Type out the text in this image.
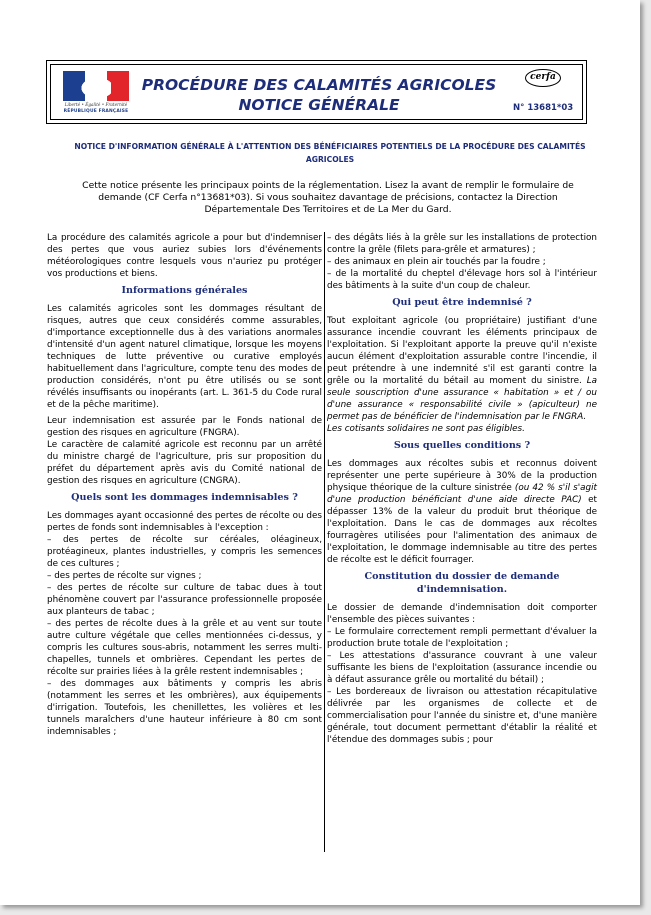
Liberté • Égalité • Fraternité
RÉPUBLIQUE FRANÇAISE
PROCÉDURE DES CALAMITÉS AGRICOLES
NOTICE GÉNÉRALE
cerfa
N° 13681*03
NOTICE D'INFORMATION GÉNÉRALE À L'ATTENTION DES BÉNÉFICIAIRES POTENTIELS DE LA PROCÉDURE DES CALAMITÉS AGRICOLES
Cette notice présente les principaux points de la réglementation. Lisez la avant de remplir le formulaire de demande (CF Cerfa n°13681*03). Si vous souhaitez davantage de précisions, contactez la Direction Départementale Des Territoires et de La Mer du Gard.

La procédure des calamités agricole a pour but d'indemniser des pertes que vous auriez subies lors d'événements météorologiques contre lesquels vous n'auriez pu protéger vos productions et biens.

Informations générales

Les calamités agricoles sont les dommages résultant de risques, autres que ceux considérés comme assurables, d'importance exceptionnelle dus à des variations anormales d'intensité d'un agent naturel climatique, lorsque les moyens techniques de lutte préventive ou curative employés habituellement dans l'agriculture, compte tenu des modes de production considérés, n'ont pu être utilisés ou se sont révélés insuffisants ou inopérants (art. L. 361-5 du Code rural et de la pêche maritime).

Leur indemnisation est assurée par le Fonds national de gestion des risques en agriculture (FNGRA).

Le caractère de calamité agricole est reconnu par un arrêté du ministre chargé de l'agriculture, pris sur proposition du préfet du département après avis du Comité national de gestion des risques en agriculture (CNGRA).

Quels sont les dommages indemnisables ?

Les dommages ayant occasionné des pertes de récolte ou des pertes de fonds sont indemnisables à l'exception :

– des pertes de récolte sur céréales, oléagineux, protéagineux, plantes industrielles, y compris les semences de ces cultures ;

– des pertes de récolte sur vignes ;

– des pertes de récolte sur culture de tabac dues à tout phénomène couvert par l'assurance professionnelle proposée aux planteurs de tabac ;

– des pertes de récolte dues à la grêle et au vent sur toute autre culture végétale que celles mentionnées ci-dessus, y compris les cultures sous-abris, notamment les serres multi-chapelles, tunnels et ombrières. Cependant les pertes de récolte sur prairies liées à la grêle restent indemnisables ;

– des dommages aux bâtiments y compris les abris (notamment les serres et les ombrières), aux équipements d'irrigation. Toutefois, les chenillettes, les volières et les tunnels maraîchers d'une hauteur inférieure à 80 cm sont indemnisables ;

– des dégâts liés à la grêle sur les installations de protection contre la grêle (filets para-grêle et armatures) ;

– des animaux en plein air touchés par la foudre ;

– de la mortalité du cheptel d'élevage hors sol à l'intérieur des bâtiments à la suite d'un coup de chaleur.

Qui peut être indemnisé ?

Tout exploitant agricole (ou propriétaire) justifiant d'une assurance incendie couvrant les éléments principaux de l'exploitation. Si l'exploitant apporte la preuve qu'il n'existe aucun élément d'exploitation assurable contre l'incendie, il peut prétendre à une indemnité s'il est garanti contre la grêle ou la mortalité du bétail au moment du sinistre. La seule souscription d'une assurance « habitation » et / ou d'une assurance « responsabilité civile » (apiculteur) ne permet pas de bénéficier de l'indemnisation par le FNGRA.

Les cotisants solidaires ne sont pas éligibles.

Sous quelles conditions ?

Les dommages aux récoltes subis et reconnus doivent représenter une perte supérieure à 30% de la production physique théorique de la culture sinistrée (ou 42 % s'il s'agit d'une production bénéficiant d'une aide directe PAC) et dépasser 13% de la valeur du produit brut théorique de l'exploitation. Dans le cas de dommages aux récoltes fourragères utilisées pour l'alimentation des animaux de l'exploitation, le dommage indemnisable au titre des pertes de récolte est le déficit fourrager.

Constitution du dossier de demande d'indemnisation.

Le dossier de demande d'indemnisation doit comporter l'ensemble des pièces suivantes :

– Le formulaire correctement rempli permettant d'évaluer la production brute totale de l'exploitation ;

– Les attestations d'assurance couvrant à une valeur suffisante les biens de l'exploitation (assurance incendie ou à défaut assurance grêle ou mortalité du bétail) ;

– Les bordereaux de livraison ou attestation récapitulative délivrée par les organismes de collecte et de commercialisation pour l'année du sinistre et, d'une manière générale, tout document permettant d'établir la réalité et l'étendue des dommages subis ; pour
